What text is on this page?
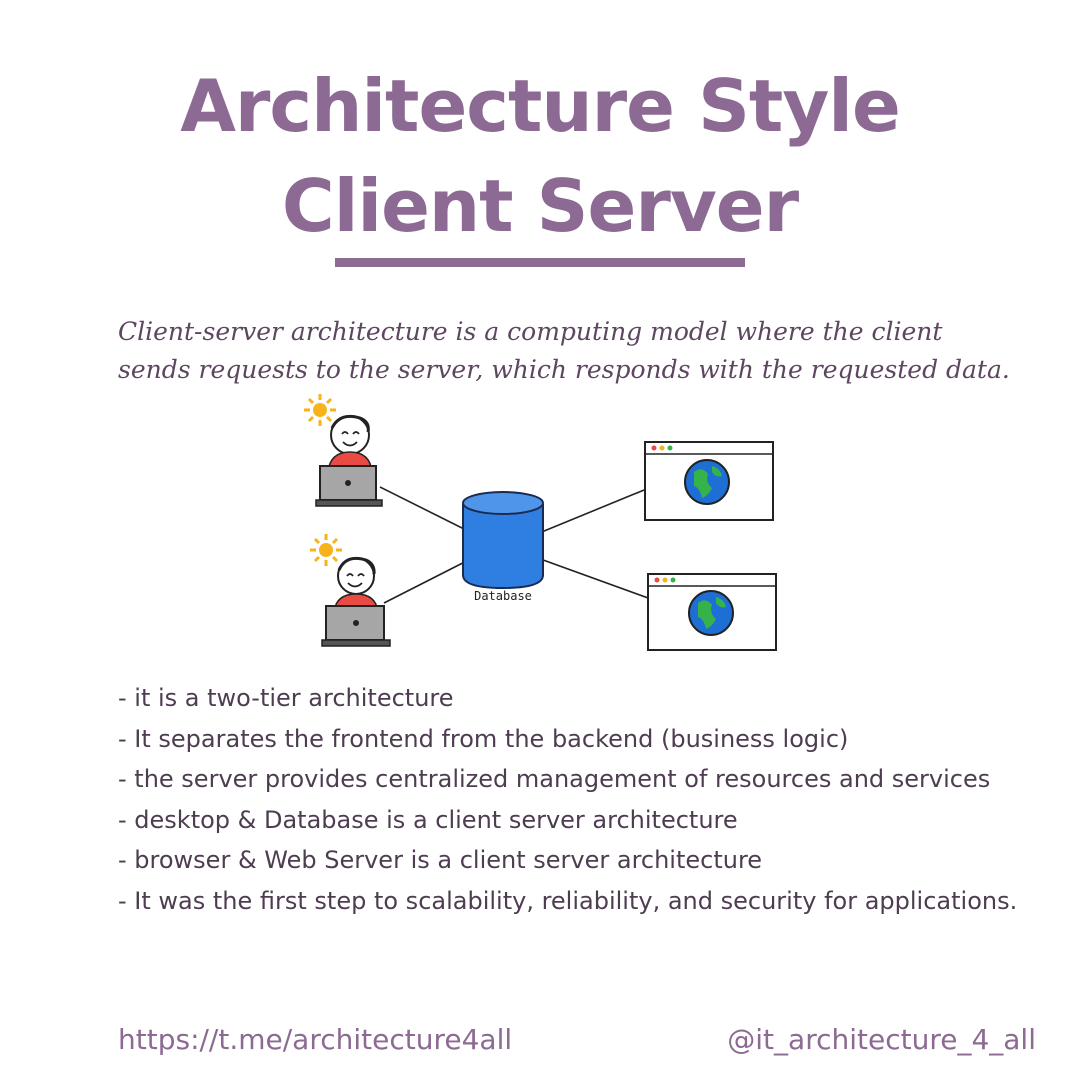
Architecture Style
Client Server

Client-server architecture is a computing model where the client sends requests to the server, which responds with the requested data.

Database
- it is a two-tier architecture
- It separates the frontend from the backend (business logic)
- the server provides centralized management of resources and services
- desktop & Database is a client server architecture
- browser & Web Server is a client server architecture
- It was the first step to scalability, reliability, and security for applications.
https://t.me/architecture4all	@it_architecture_4_all
